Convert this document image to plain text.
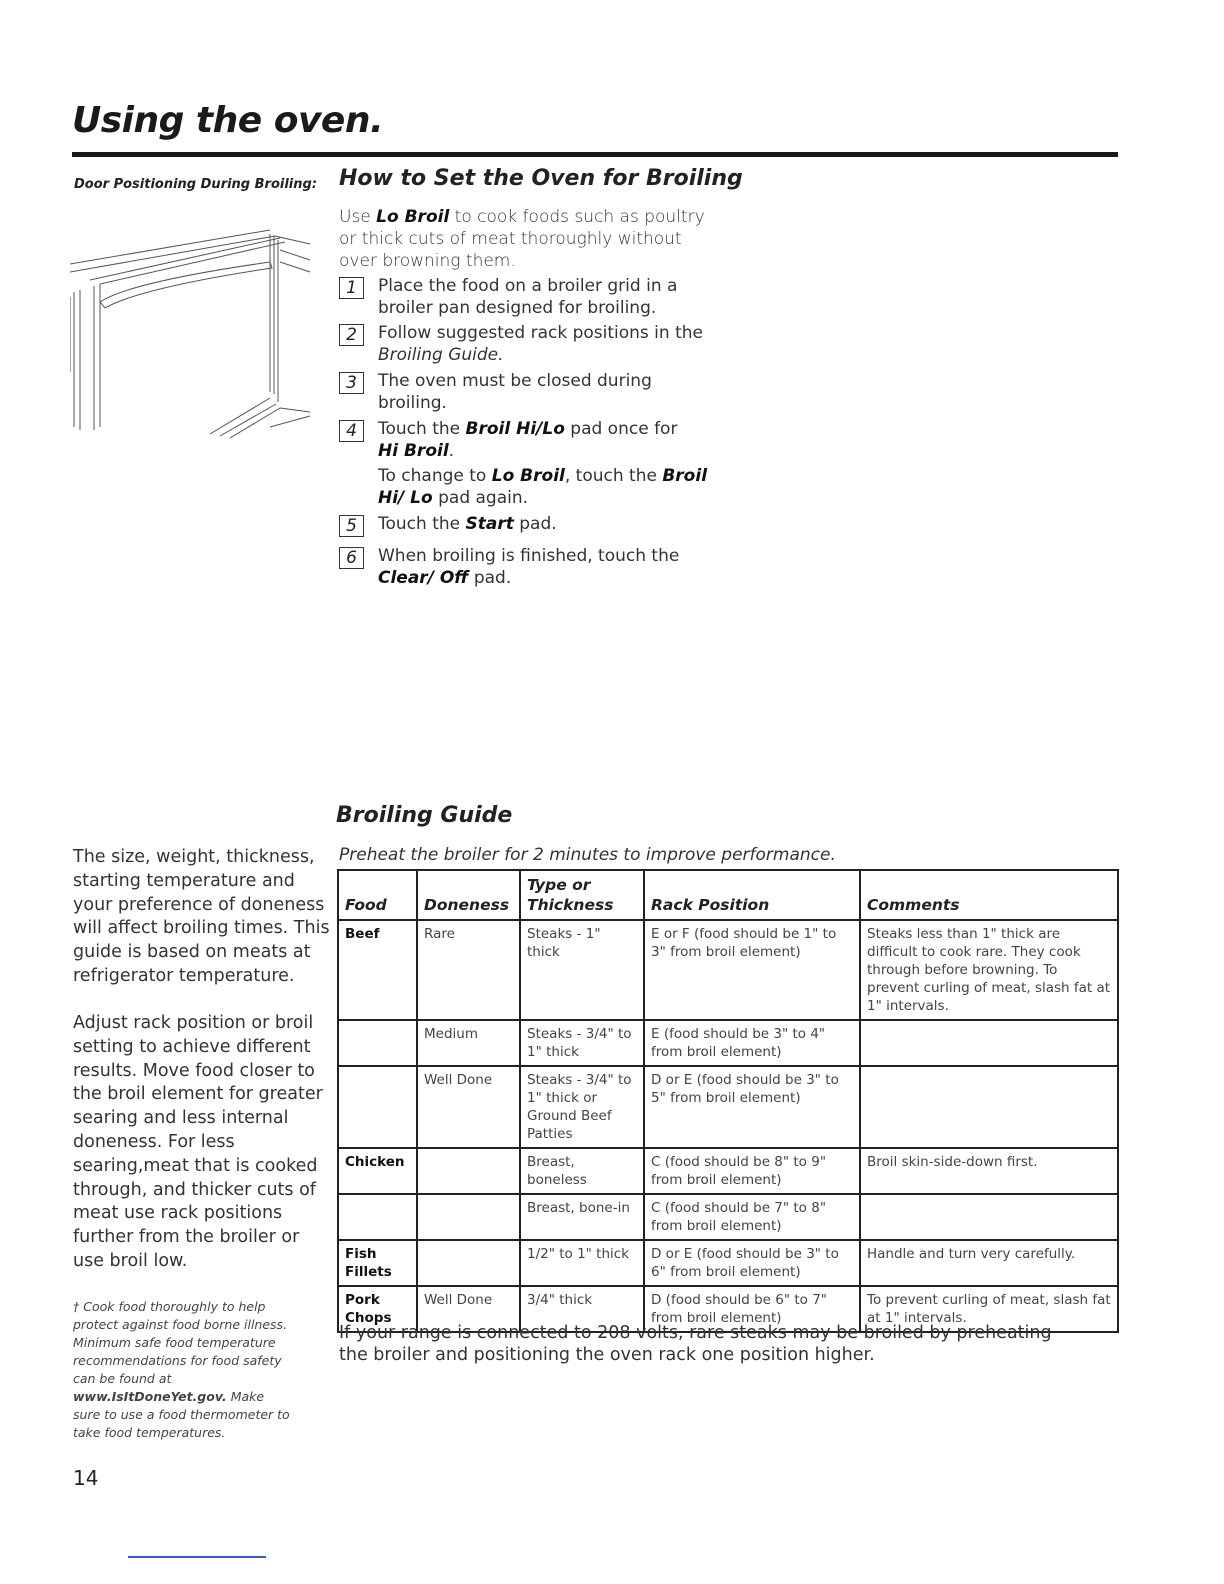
Using the oven.
Door Positioning During Broiling: How to Set the Oven for Broiling
Use Lo Broil to cook foods such as poultry or thick cuts of meat thoroughly without over browning them.
1	Place the food on a broiler grid in a broiler pan designed for broiling.
2	Follow suggested rack positions in the Broiling Guide.
3	The oven must be closed during broiling.
4	Touch the Broil Hi/Lo pad once for Hi Broil.
To change to Lo Broil, touch the Broil Hi/ Lo pad again.
5	Touch the Start pad.
6	When broiling is finished, touch the Clear/ Off pad.
The size, weight, thickness, starting temperature and your preference of doneness will affect broiling times. This guide is based on meats at refrigerator temperature.
Adjust rack position or broil setting to achieve different results. Move food closer to the broil element for greater searing and less internal doneness. For less searing,meat that is cooked through, and thicker cuts of meat use rack positions further from the broiler or use broil low.
† Cook food thoroughly to help protect against food borne illness. Minimum safe food temperature recommendations for food safety can be found at www.IsItDoneYet.gov. Make sure to use a food thermometer to take food temperatures.
14
Broiling Guide
Preheat the broiler for 2 minutes to improve performance.
Food	Doneness	Type or Thickness	Rack Position	Comments
Beef	Rare	Steaks - 1" thick	E or F (food should be 1" to 3" from broil element)	Steaks less than 1" thick are difficult to cook rare. They cook through before browning. To prevent curling of meat, slash fat at 1" intervals.
	Medium	Steaks - 3/4" to 1" thick	E (food should be 3" to 4" from broil element)	
	Well Done	Steaks - 3/4" to 1" thick or Ground Beef Patties	D or E (food should be 3" to 5" from broil element)	
Chicken		Breast, boneless	C (food should be 8" to 9" from broil element)	Broil skin-side-down first.
		Breast, bone-in	C (food should be 7" to 8" from broil element)	
Fish Fillets		1/2" to 1" thick	D or E (food should be 3" to 6" from broil element)	Handle and turn very carefully.
Pork Chops	Well Done	3/4" thick	D (food should be 6" to 7" from broil element)	To prevent curling of meat, slash fat at 1" intervals.
If your range is connected to 208 volts, rare steaks may be broiled by preheating the broiler and positioning the oven rack one position higher.
